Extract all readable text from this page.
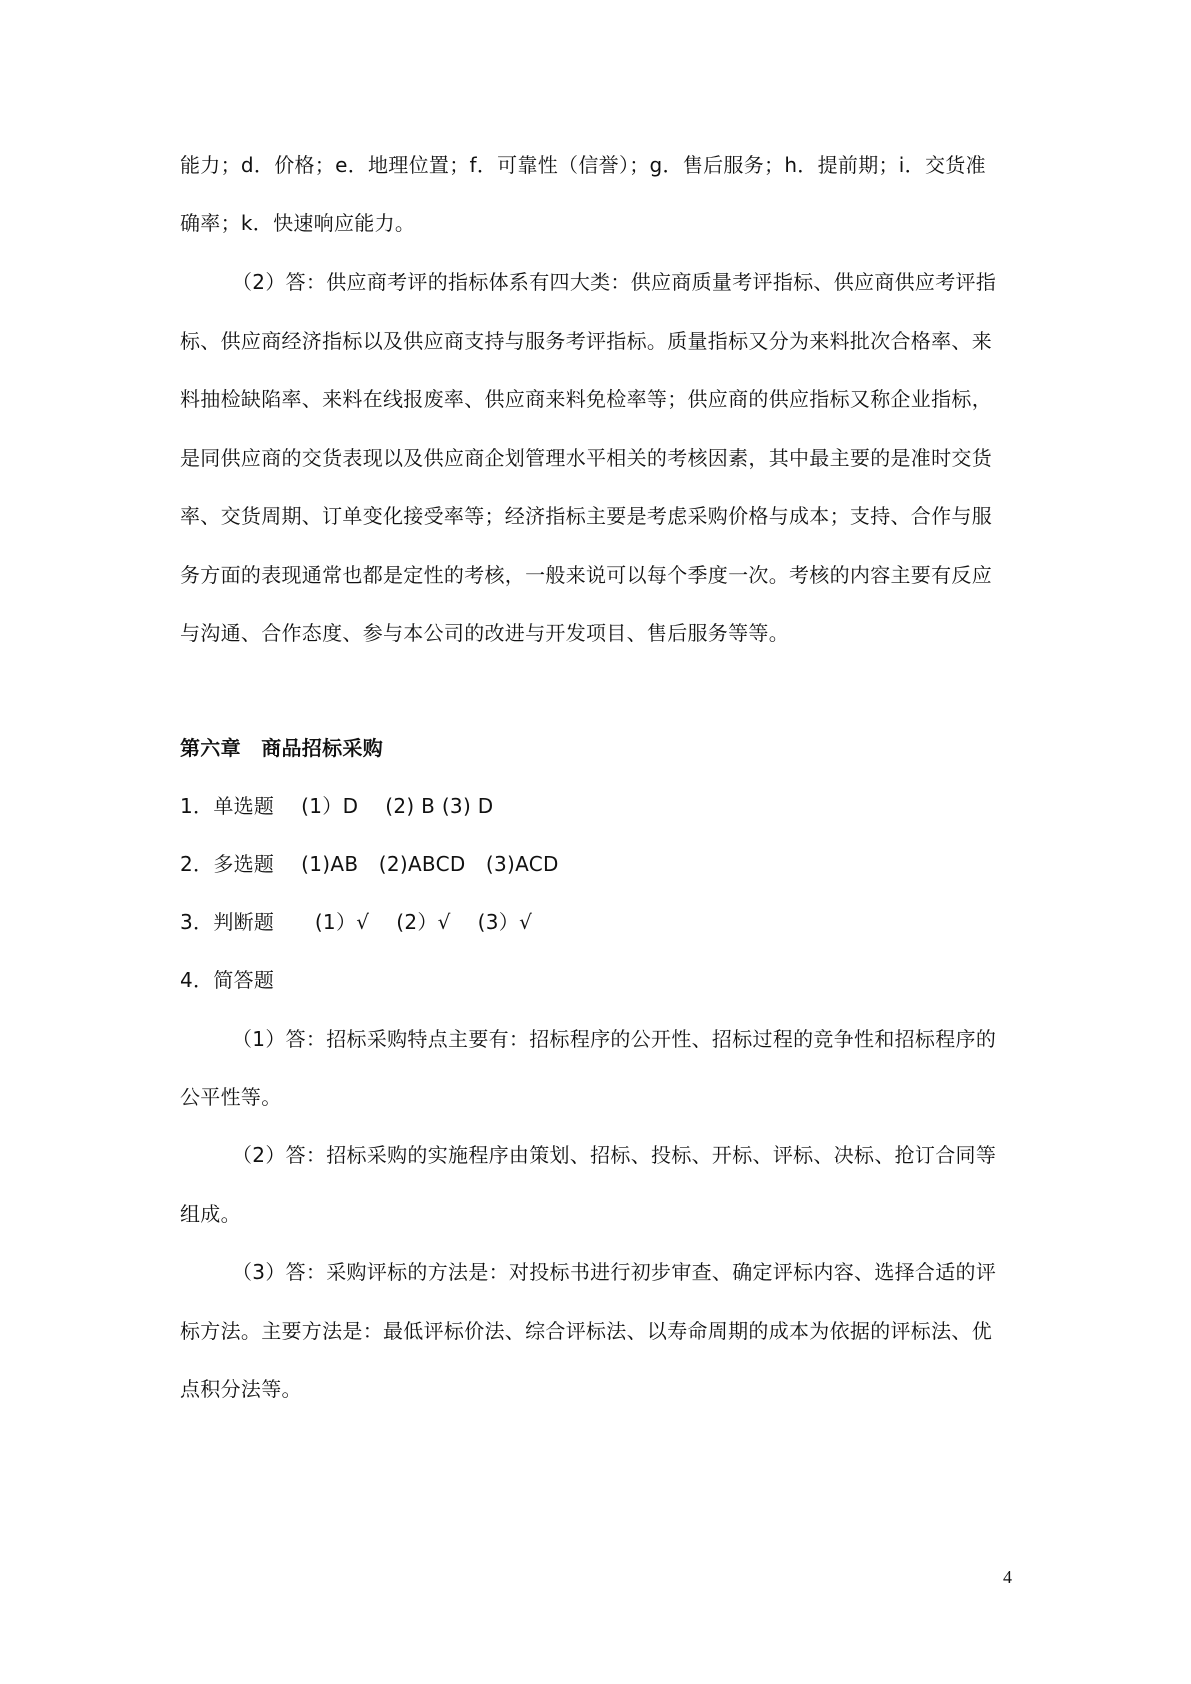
能力；d．价格；e．地理位置；f．可靠性（信誉）；g．售后服务；h．提前期；i．交货准
确率；k．快速响应能力。
（2）答：供应商考评的指标体系有四大类：供应商质量考评指标、供应商供应考评指
标、供应商经济指标以及供应商支持与服务考评指标。质量指标又分为来料批次合格率、来
料抽检缺陷率、来料在线报废率、供应商来料免检率等；供应商的供应指标又称企业指标，
是同供应商的交货表现以及供应商企划管理水平相关的考核因素，其中最主要的是准时交货
率、交货周期、订单变化接受率等；经济指标主要是考虑采购价格与成本；支持、合作与服
务方面的表现通常也都是定性的考核，一般来说可以每个季度一次。考核的内容主要有反应
与沟通、合作态度、参与本公司的改进与开发项目、售后服务等等。
第六章　商品招标采购
1．单选题　 (1）D　 (2) B (3) D
2．多选题　 (1)AB　(2)ABCD　(3)ACD
3．判断题　　(1）√　 (2）√　 (3）√
4．简答题
（1）答：招标采购特点主要有：招标程序的公开性、招标过程的竞争性和招标程序的
公平性等。
（2）答：招标采购的实施程序由策划、招标、投标、开标、评标、决标、抢订合同等
组成。
（3）答：采购评标的方法是：对投标书进行初步审查、确定评标内容、选择合适的评
标方法。主要方法是：最低评标价法、综合评标法、以寿命周期的成本为依据的评标法、优
点积分法等。
4
